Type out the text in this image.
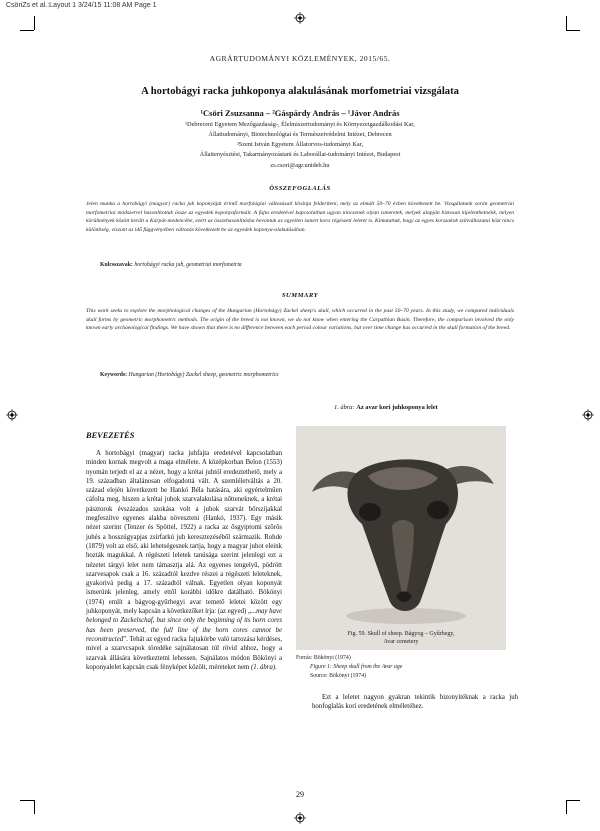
CsöriZs et al.:Layout 1 3/24/15 11:08 AM Page 1
AGRÁRTUDOMÁNYI KÖZLEMÉNYEK, 2015/65.
A hortobágyi racka juhkoponya alakulásának morfometriai vizsgálata
¹Csöri Zsuzsanna – ²Gáspárdy András – ¹Jávor András
¹Debreceni Egyetem Mezőgazdaság-, Élelmiszertudományi és Környezetgazdálkodási Kar,
Állattudományi, Biotechnológiai és Természetvédelmi Intézet, Debrecen
²Szent István Egyetem Állatorvos-tudományi Kar,
Állattenyésztési, Takarmányozástani és Laborállat-tudományi Intézet, Budapest
zs.csori@agr.unideb.hu
ÖSSZEFOGLALÁS
Jelen munka a hortobágyi (magyar) racka juh koponyáját érintő morfológiai változásait kívánja felderíteni, mely az elmúlt 50–70 évben következett be. Vizsgálatunk során geometriai morfometriai módszerrel hasonlítottuk össze az egyedek koponyaformáit. A fajta eredetével kapcsolatban ugyan nincsenek olyan ismeretek, melyek alapján biztosan kijelenthetnénk, milyen körülmények között került a Kárpát-medencébe, ezért az összehasonlításba bevontuk az egyetlen ismert kora régészeti leletet is. Kimutattuk, hogy az egyes korszakok színváltozatai közt nincs különbség, viszont az idő függvényében változás következett be az egyedek koponya-alakulásában.
Kulcsszavak: hortobágyi racka juh, geometriai morfometria
SUMMARY
This work seeks to explore the morphological changes of the Hungarian (Hortobágy) Zackel sheep's skull, which occurred in the past 50–70 years. In this study, we compared individuals skull forms by geometric morphometric methods. The origin of the breed is not known, we do not know when entering the Carpathian Basin. Therefore, the comparison involved the only known early archaeological findings. We have shown that there is no difference between each period colour variations, but over time change has occurred in the skull formation of the breed.
Keywords: Hungarian (Hortobágy) Zackel sheep, geometric morphometrics
BEVEZETÉS

A hortobágyi (magyar) racka juhfajta eredetével kapcsolatban minden kornak megvolt a maga elmélete. A középkorban Belon (1553) nyomán terjedt el az a nézet, hogy a krétai juhtól eredeztethető, mely a 19. században általánosan elfogadottá vált. A szemléletváltás a 20. század elején következett be Hankó Béla hatására, aki egyértelműen cáfolta meg, hiszen a krétai juhok szarvalakulása nőtteneknek, a krétai pásztorok évszázados szokása volt a juhok szarvát bőrszíjakkal megfeszítve egyenes alakba növeszteni (Hankó, 1937). Egy másik nézet szerint (Tenzer és Spöttel, 1922) a racka az ősgyiptomi szőrős juhés a hosszúgyapjas zsírfarkú juh keresztezéséből származik. Rohde (1879) volt az első, aki lehetségesnek tartja, hogy a magyar juhot eleink hozták magukkal. A régészeti leletek tanúsága szerint jelenlegi ezt a nézetet tárgyi lelet nem támasztja alá. Az egyenes tengelyű, pödrött szarvesapok csak a 16. századtól kezdve részei a régészeti leleteknek, gyakorivá pedig a 17. századtól válnak. Egyetlen olyan koponyát ismerünk jelenleg, amely ettől korábbi időkre datálható. Bökönyi (1974) említ a bágyog-gyűrhegyi avar temető leletei között egy juhkoponyát, mely kapcsán a következőket írja: (az egyed) „...may have belonged to Zackelschaf, but since only the beginning of its horn cores has been preserved, the full line of the horn cores cannot be reconstructed”. Tehát az egyed racka fajtakörbe való tartozása kérdéses, mivel a szarvcsapok töredéke sajnálatosan túl rövid ahhoz, hogy a szarvak állására következtetni lehessen. Sajnálatos módon Bökönyi a koponyalelet kapcsán csak fényképet közölt, méreteket nem (1. ábra).

1. ábra: Az avar kori juhkoponya lelet
Fig. 59. Skull of sheep. Bágyog – Gyűrhegy,
Avar cemetery
Forrás: Bökönyi (1974)
Figure 1: Sheep skull from the Avar age
Source: Bökönyi (1974)

Ezt a leletet nagyon gyakran tekintik bizonyítéknak a racka juh honfoglalás kori eredetének elméletéhez.

29
